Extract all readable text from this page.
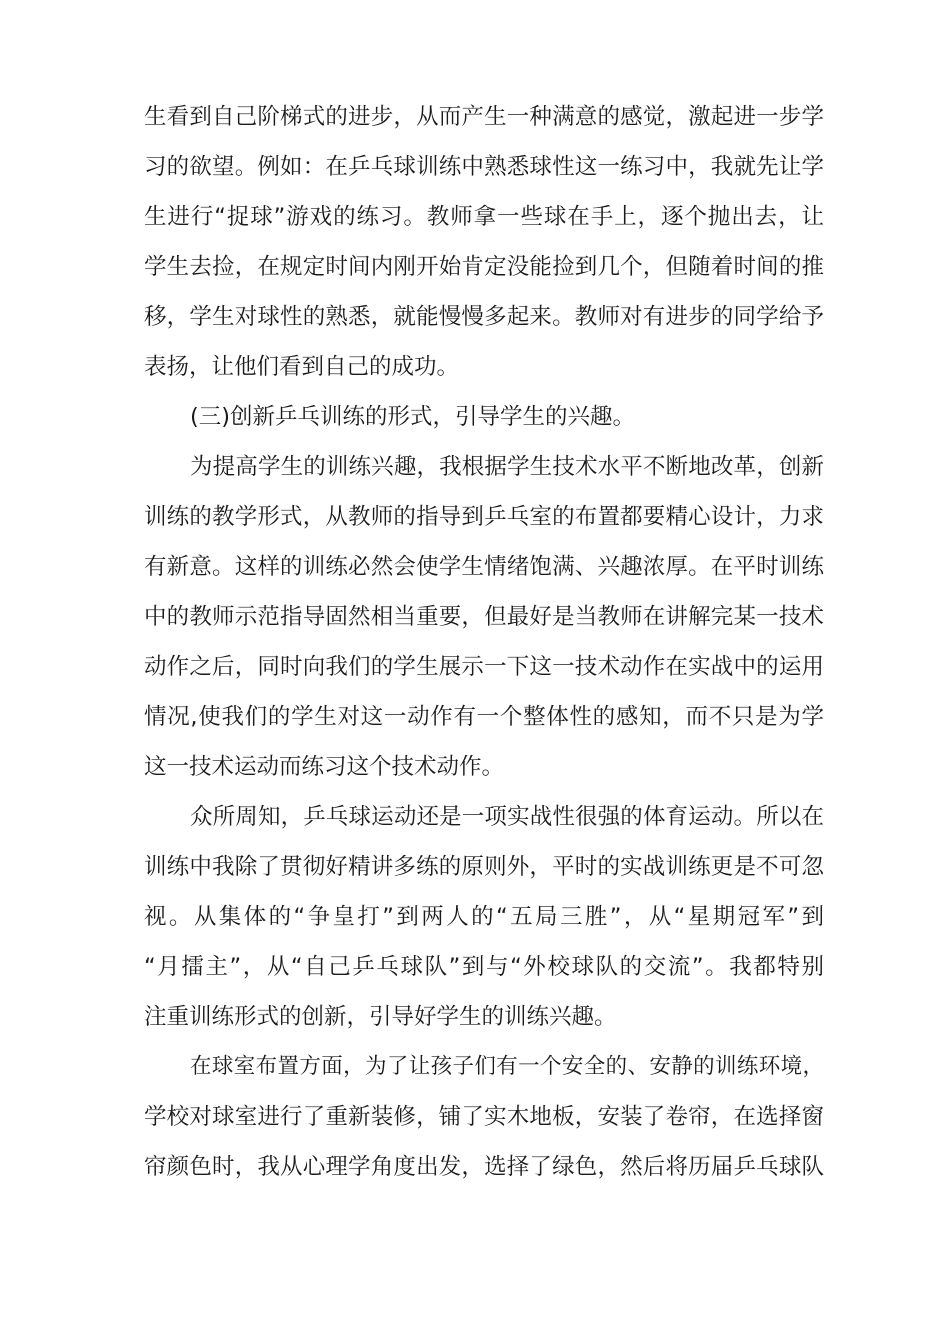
生看到自己阶梯式的进步，从而产生一种满意的感觉，激起进一步学
习的欲望。例如：在乒乓球训练中熟悉球性这一练习中，我就先让学
生进行“捉球”游戏的练习。教师拿一些球在手上，逐个抛出去，让
学生去捡，在规定时间内刚开始肯定没能捡到几个，但随着时间的推
移，学生对球性的熟悉，就能慢慢多起来。教师对有进步的同学给予
表扬，让他们看到自己的成功。
(三)创新乒乓训练的形式，引导学生的兴趣。
为提高学生的训练兴趣，我根据学生技术水平不断地改革，创新
训练的教学形式，从教师的指导到乒乓室的布置都要精心设计，力求
有新意。这样的训练必然会使学生情绪饱满、兴趣浓厚。在平时训练
中的教师示范指导固然相当重要，但最好是当教师在讲解完某一技术
动作之后，同时向我们的学生展示一下这一技术动作在实战中的运用
情况,使我们的学生对这一动作有一个整体性的感知，而不只是为学
这一技术运动而练习这个技术动作。
众所周知，乒乓球运动还是一项实战性很强的体育运动。所以在
训练中我除了贯彻好精讲多练的原则外，平时的实战训练更是不可忽
视。从集体的“争皇打”到两人的“五局三胜”，从“星期冠军”到
“月擂主”，从“自己乒乓球队”到与“外校球队的交流”。我都特别
注重训练形式的创新，引导好学生的训练兴趣。
在球室布置方面，为了让孩子们有一个安全的、安静的训练环境，
学校对球室进行了重新装修，铺了实木地板，安装了卷帘，在选择窗
帘颜色时，我从心理学角度出发，选择了绿色，然后将历届乒乓球队
